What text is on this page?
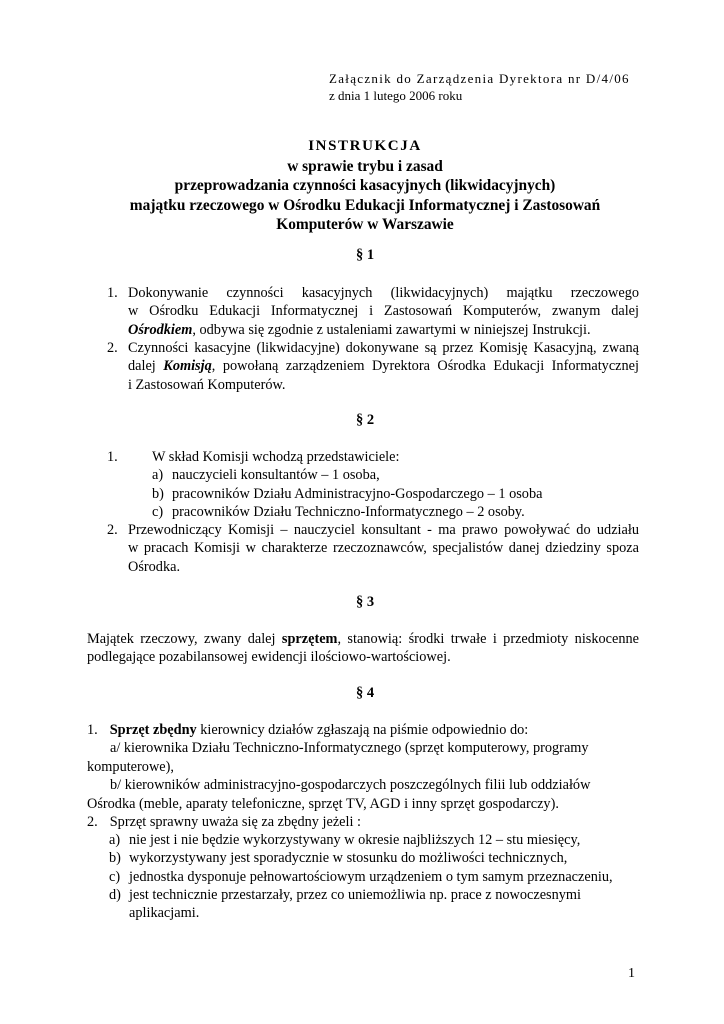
Załącznik do Zarządzenia Dyrektora nr D/4/06
z dnia 1 lutego 2006 roku
INSTRUKCJA
w sprawie trybu i zasad
przeprowadzania czynności kasacyjnych (likwidacyjnych)
majątku rzeczowego w Ośrodku Edukacji Informatycznej i Zastosowań
Komputerów w Warszawie
§ 1
1. Dokonywanie czynności kasacyjnych (likwidacyjnych) majątku rzeczowego
w Ośrodku Edukacji Informatycznej i Zastosowań Komputerów, zwanym dalej
Ośrodkiem, odbywa się zgodnie z ustaleniami zawartymi w niniejszej Instrukcji.
2. Czynności kasacyjne (likwidacyjne) dokonywane są przez Komisję Kasacyjną, zwaną
dalej Komisją, powołaną zarządzeniem Dyrektora Ośrodka Edukacji Informatycznej
i Zastosowań Komputerów.
§ 2
1. W skład Komisji wchodzą przedstawiciele:
a) nauczycieli konsultantów – 1 osoba,
b) pracowników Działu Administracyjno-Gospodarczego – 1 osoba
c) pracowników Działu Techniczno-Informatycznego – 2 osoby.
2. Przewodniczący Komisji – nauczyciel konsultant - ma prawo powoływać do udziału
w pracach Komisji w charakterze rzeczoznawców, specjalistów danej dziedziny spoza
Ośrodka.
§ 3
Majątek rzeczowy, zwany dalej sprzętem, stanowią: środki trwałe i przedmioty niskocenne
podlegające pozabilansowej ewidencji ilościowo-wartościowej.
§ 4
1. Sprzęt zbędny kierownicy działów zgłaszają na piśmie odpowiednio do:
a/ kierownika Działu Techniczno-Informatycznego (sprzęt komputerowy, programy
komputerowe),
b/ kierowników administracyjno-gospodarczych poszczególnych filii lub oddziałów
Ośrodka (meble, aparaty telefoniczne, sprzęt TV, AGD i inny sprzęt gospodarczy).
2. Sprzęt sprawny uważa się za zbędny jeżeli :
a) nie jest i nie będzie wykorzystywany w okresie najbliższych 12 – stu miesięcy,
b) wykorzystywany jest sporadycznie w stosunku do możliwości technicznych,
c) jednostka dysponuje pełnowartościowym urządzeniem o tym samym przeznaczeniu,
d) jest technicznie przestarzały, przez co uniemożliwia np. prace z nowoczesnymi
aplikacjami.
1
